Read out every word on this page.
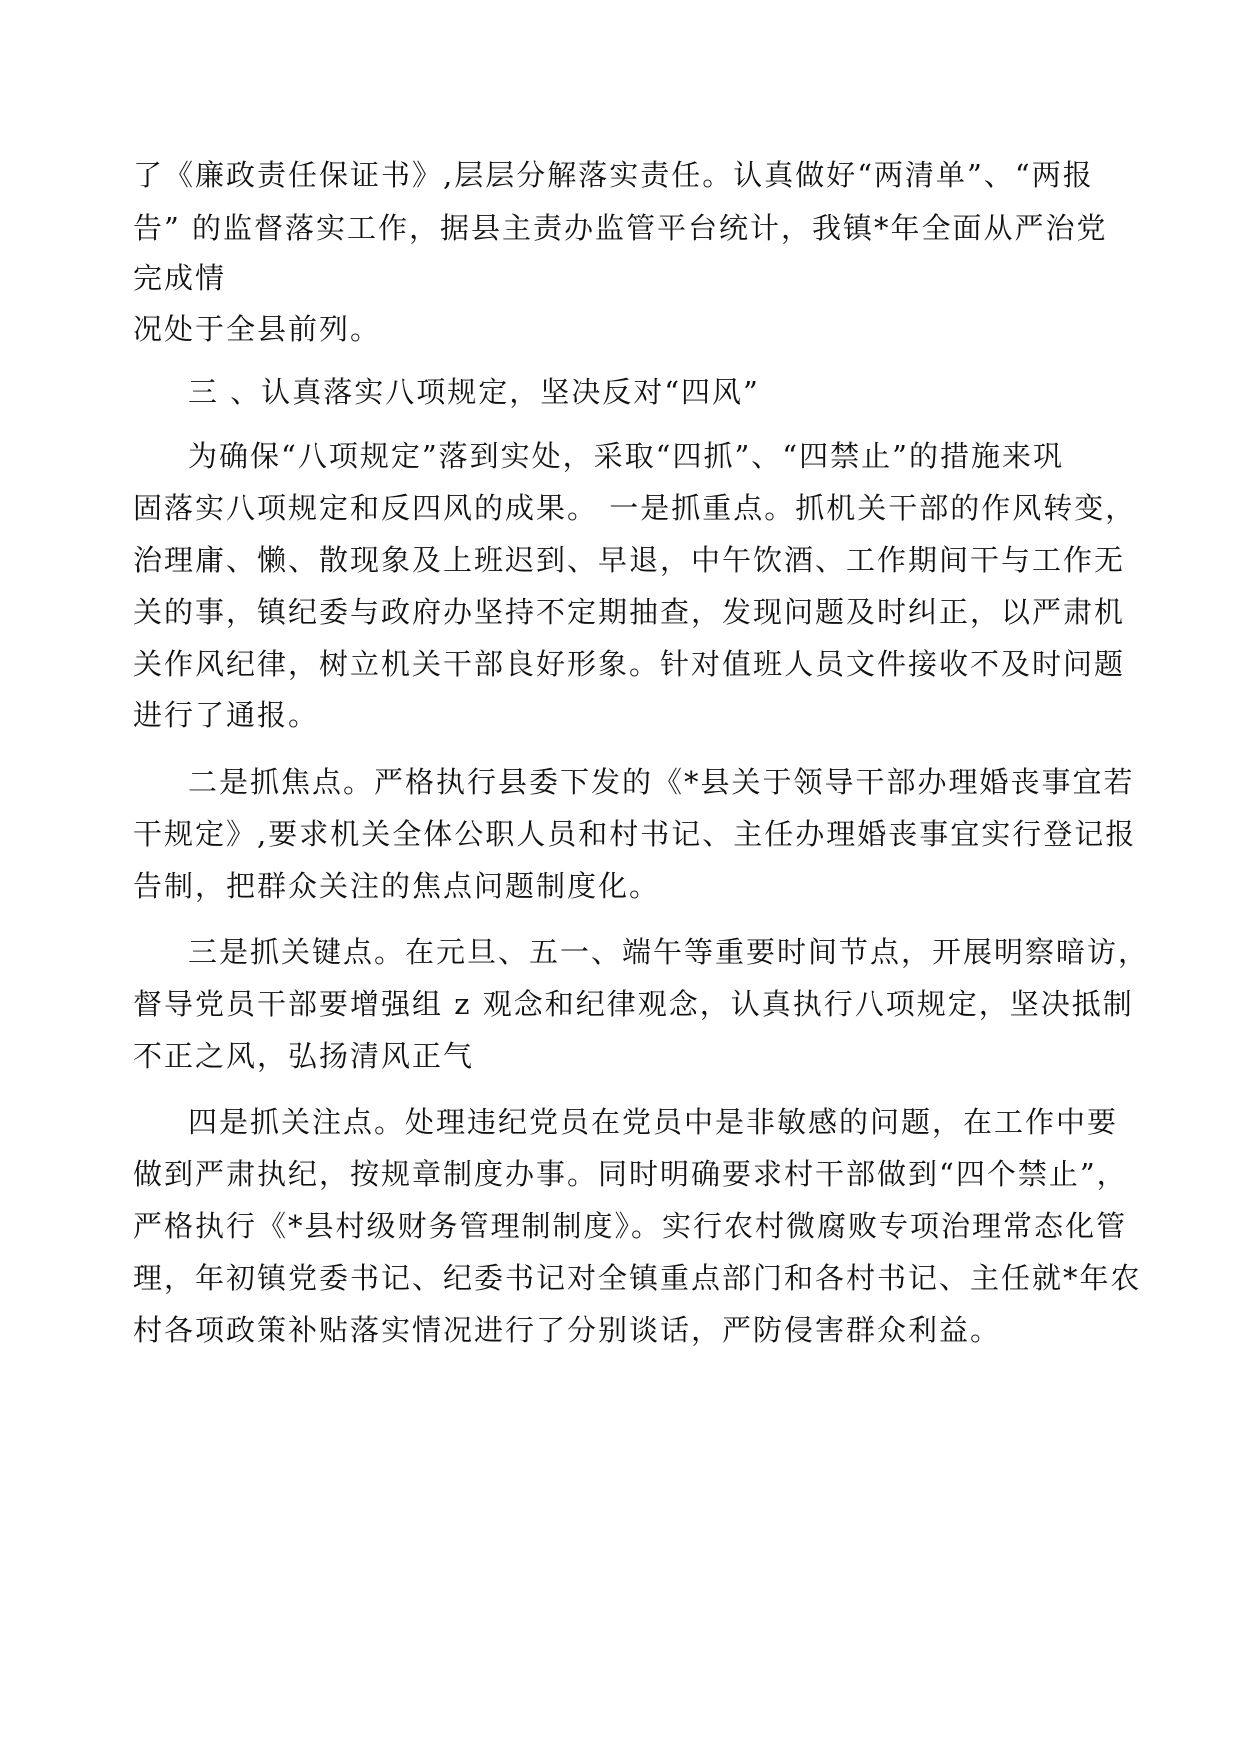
了《廉政责任保证书》,层层分解落实责任。认真做好“两清单”、“两报
告” 的监督落实工作，据县主责办监管平台统计，我镇*年全面从严治党
完成情
况处于全县前列。
三 、认真落实八项规定，坚决反对“四风”
为确保“八项规定”落到实处，采取“四抓”、“四禁止”的措施来巩
固落实八项规定和反四风的成果。 一是抓重点。抓机关干部的作风转变，
治理庸、懒、散现象及上班迟到、早退，中午饮酒、工作期间干与工作无
关的事，镇纪委与政府办坚持不定期抽查，发现问题及时纠正，以严肃机
关作风纪律，树立机关干部良好形象。针对值班人员文件接收不及时问题
进行了通报。
二是抓焦点。严格执行县委下发的《*县关于领导干部办理婚丧事宜若
干规定》,要求机关全体公职人员和村书记、主任办理婚丧事宜实行登记报
告制，把群众关注的焦点问题制度化。
三是抓关键点。在元旦、五一、端午等重要时间节点，开展明察暗访，
督导党员干部要增强组 z 观念和纪律观念，认真执行八项规定，坚决抵制
不正之风，弘扬清风正气
四是抓关注点。处理违纪党员在党员中是非敏感的问题，在工作中要
做到严肃执纪，按规章制度办事。同时明确要求村干部做到“四个禁止”，
严格执行《*县村级财务管理制制度》。实行农村微腐败专项治理常态化管
理，年初镇党委书记、纪委书记对全镇重点部门和各村书记、主任就*年农
村各项政策补贴落实情况进行了分别谈话，严防侵害群众利益。
